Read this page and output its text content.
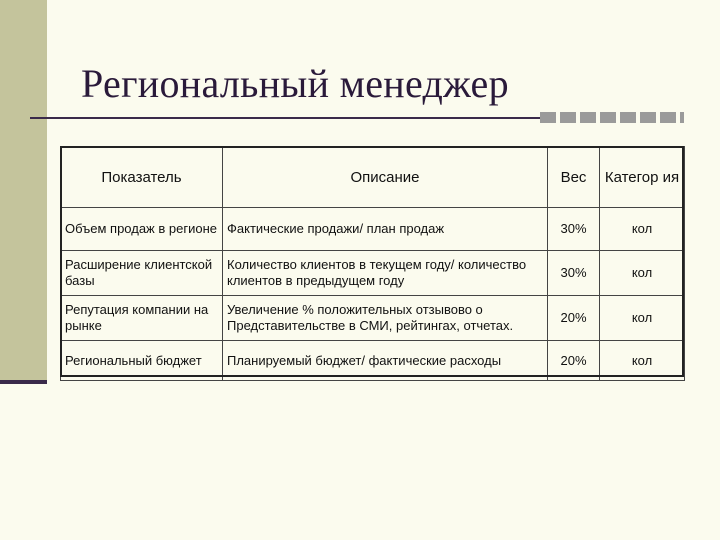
Региональный менеджер
Показатель	Описание	Вес	Категор ия
Объем продаж в регионе	Фактические продажи/ план продаж	30%	кол
Расширение клиентской базы	Количество клиентов в текущем году/ количество клиентов в предыдущем году	30%	кол
Репутация компании на рынке	Увеличение % положительных отзывово о Представительстве в СМИ, рейтингах, отчетах.	20%	кол
Региональный бюджет	Планируемый бюджет/ фактические расходы	20%	кол
